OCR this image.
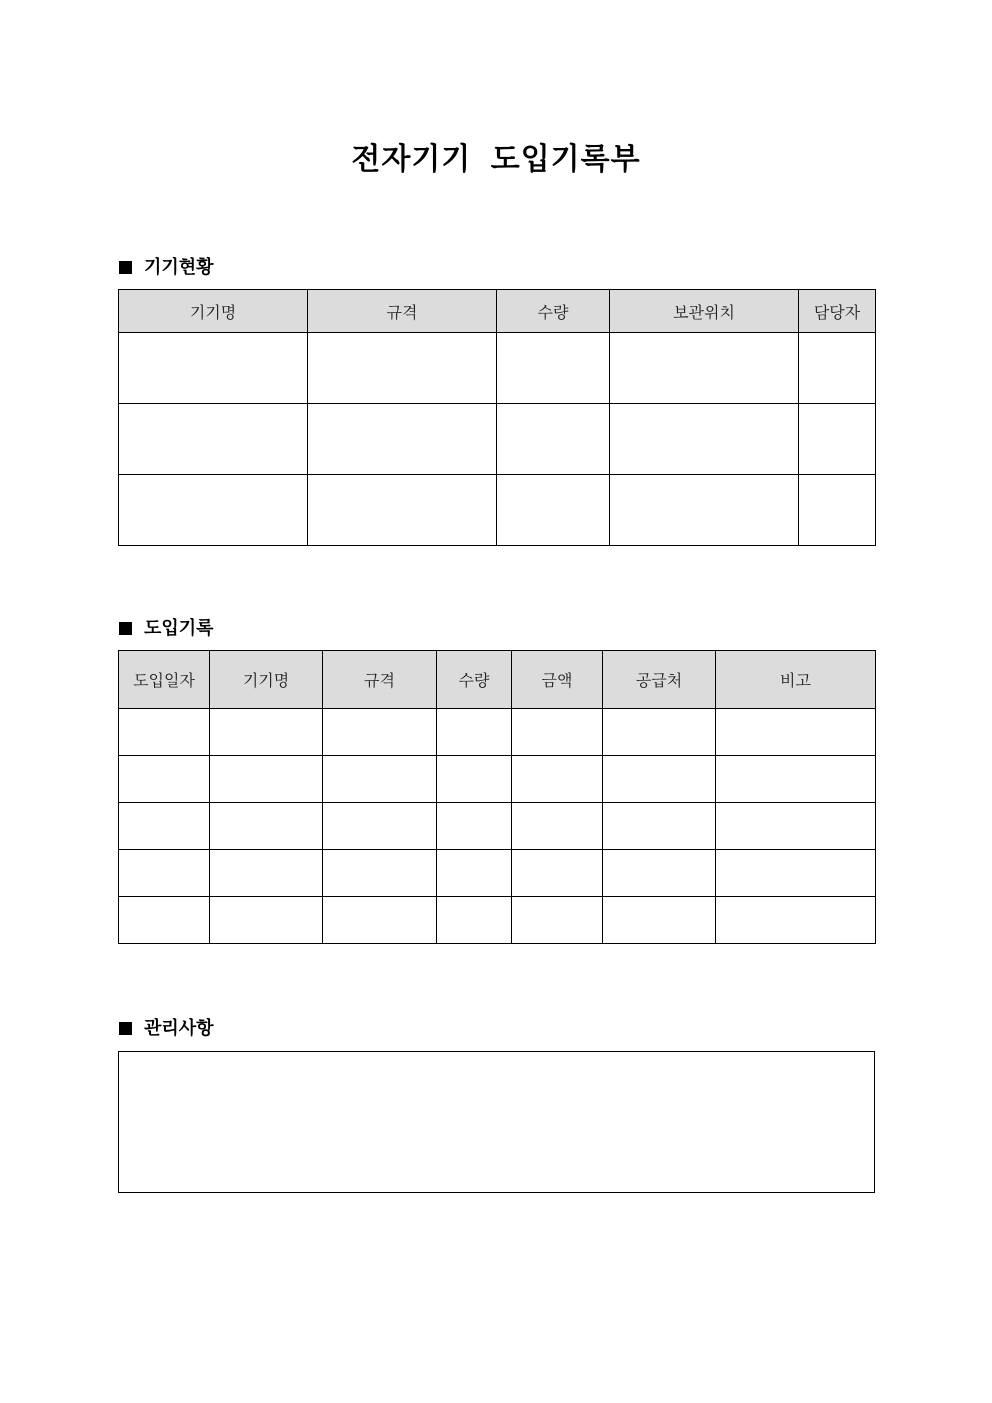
전자기기 도입기록부
기기현황
기기명	규격	수량	보관위치	담당자

도입기록
도입일자	기기명	규격	수량	금액	공급처	비고

관리사항
